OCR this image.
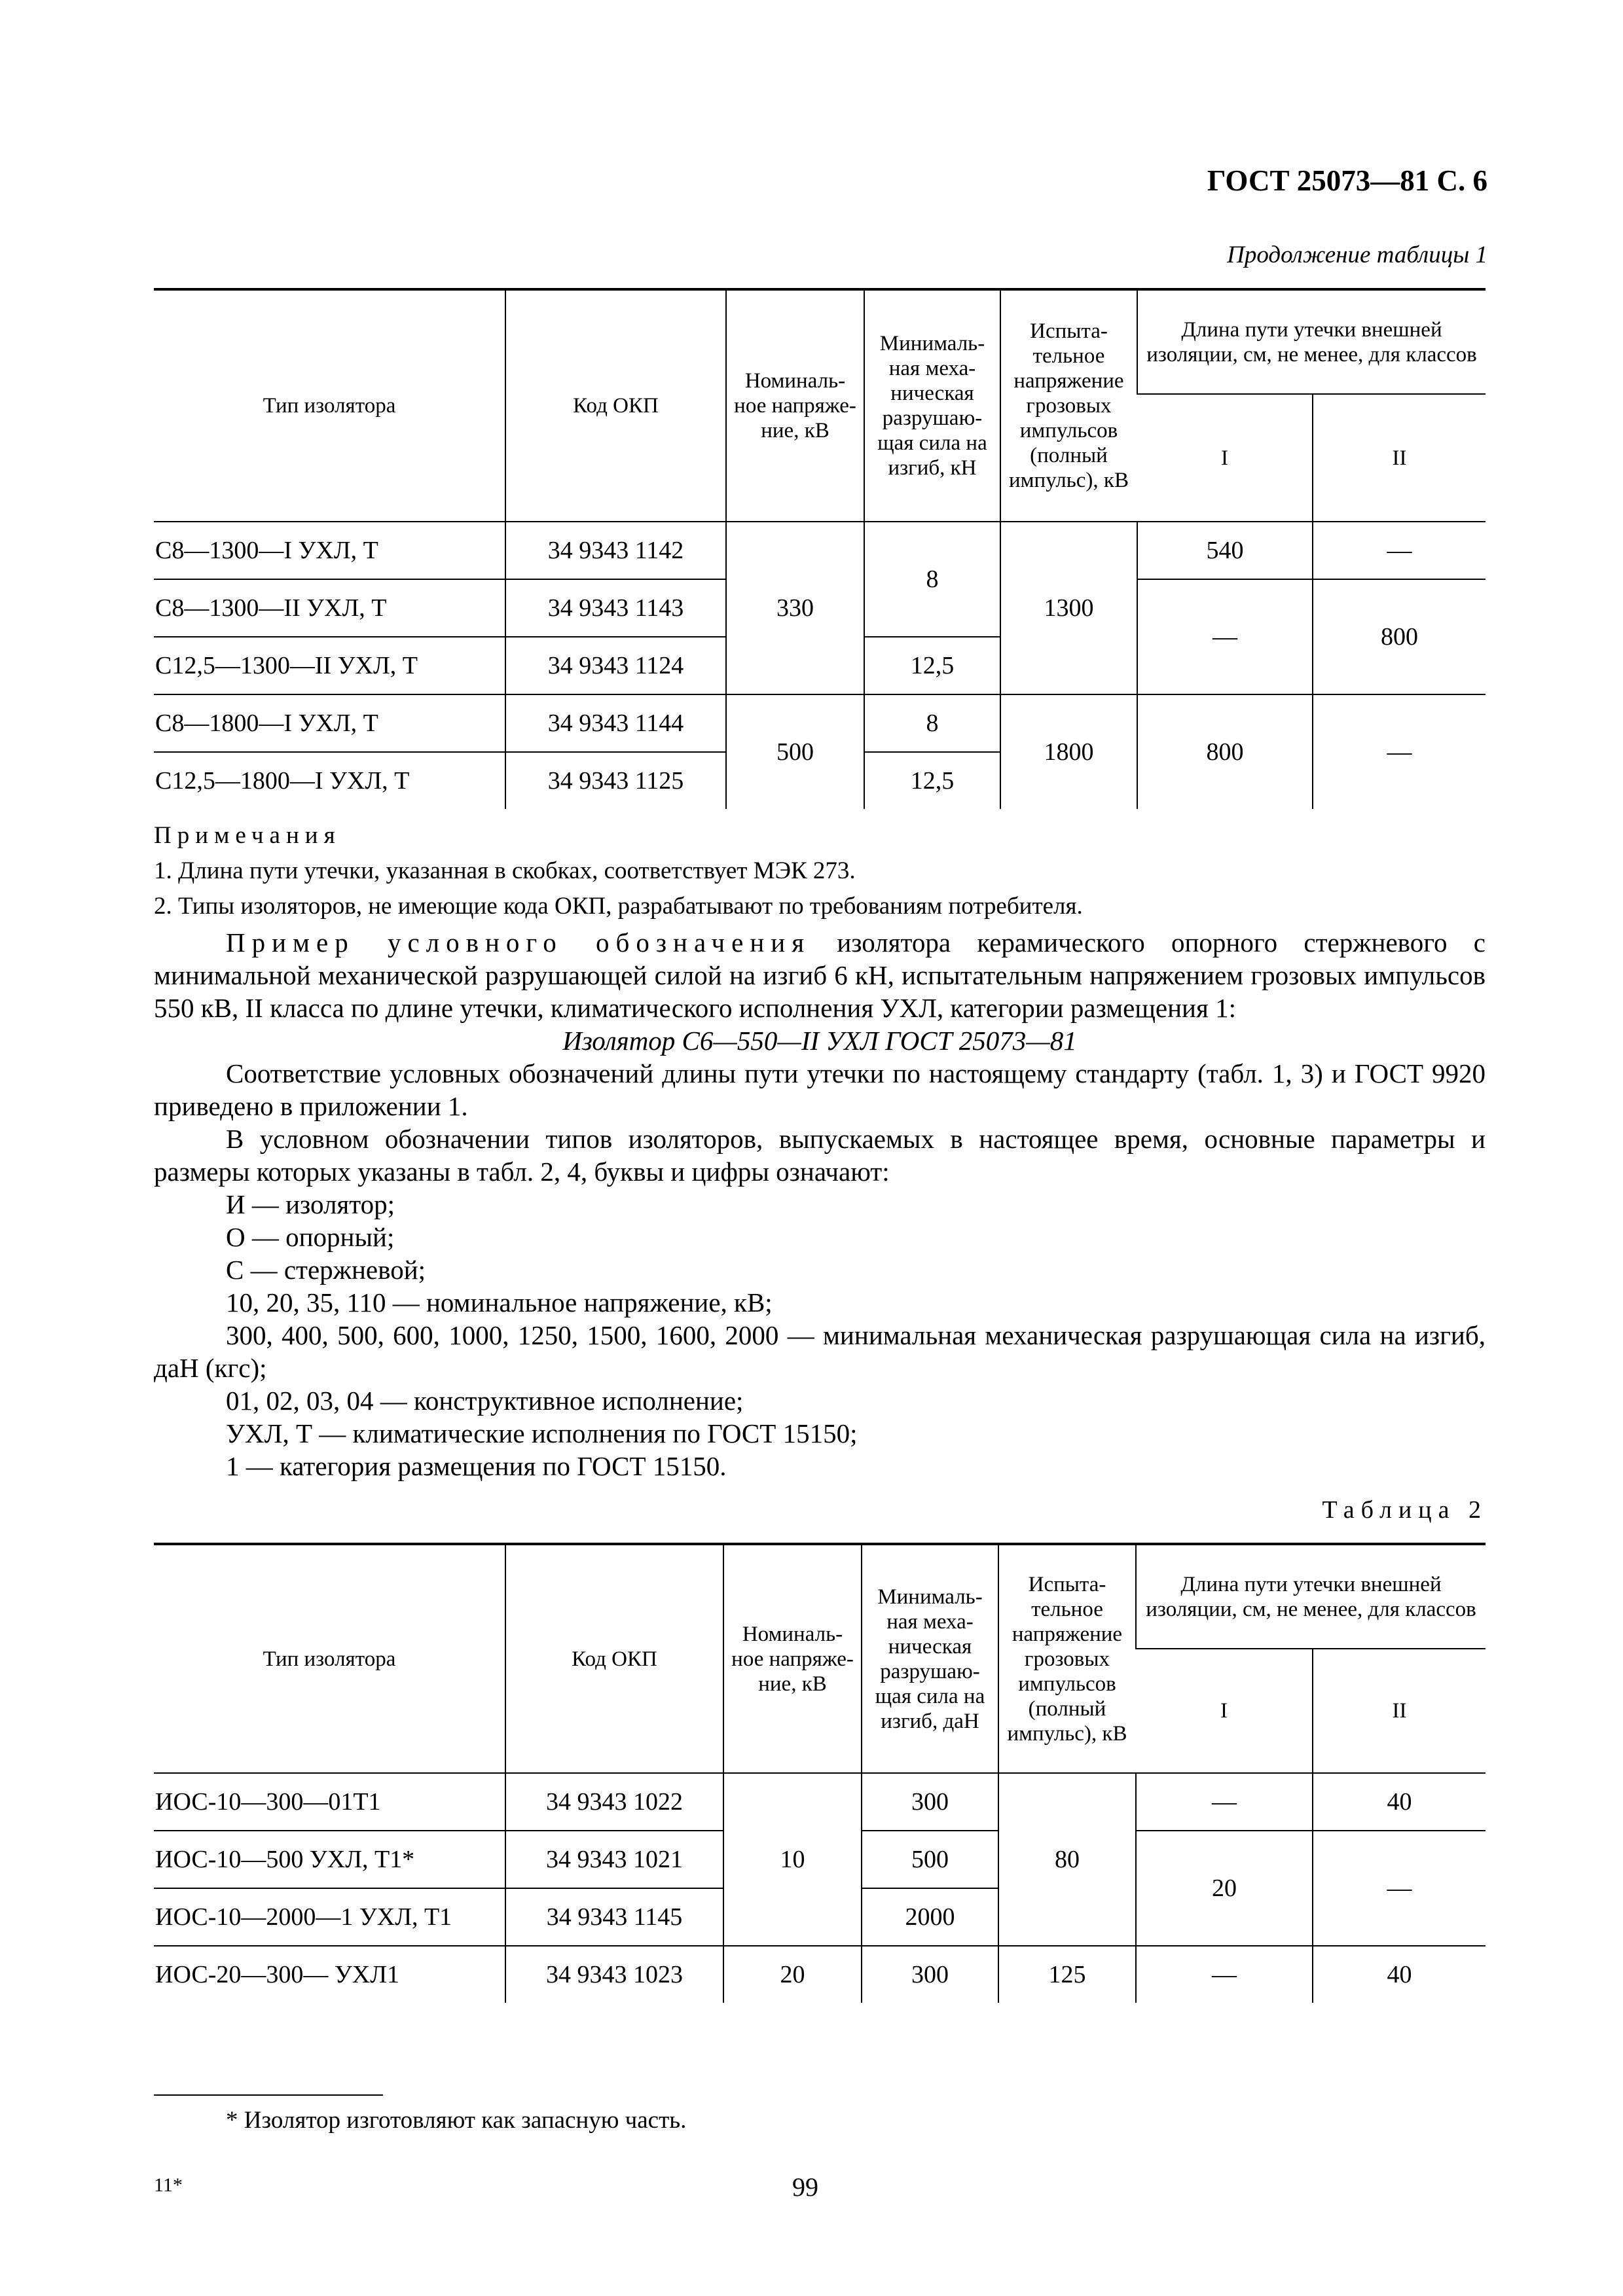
ГОСТ 25073—81 С. 6
Продолжение таблицы 1
Тип изолятора	Код ОКП	Номиналь-ное напряже-ние, кВ	Минималь-ная меха-ническая разрушаю-щая сила на изгиб, кН	Испыта-тельное напряжение грозовых импульсов (полный импульс), кВ	Длина пути утечки внешней изоляции, см, не менее, для классов	
					I	II
С8—1300—I УХЛ, Т	34 9343 1142	330	8	1300	540	—
С8—1300—II УХЛ, Т	34 9343 1143				—	800
С12,5—1300—II УХЛ, Т	34 9343 1124		12,5			
С8—1800—I УХЛ, Т	34 9343 1144	500	8	1800	800	—
С12,5—1800—I УХЛ, Т	34 9343 1125		12,5			
Примечания
1. Длина пути утечки, указанная в скобках, соответствует МЭК 273.
2. Типы изоляторов, не имеющие кода ОКП, разрабатывают по требованиям потребителя.

Пример условного обозначения изолятора керамического опорного стержневого с минимальной механической разрушающей силой на изгиб 6 кН, испытательным напряжением грозовых импульсов 550 кВ, II класса по длине утечки, климатического исполнения УХЛ, категории размещения 1:

Изолятор С6—550—II УХЛ ГОСТ 25073—81

Соответствие условных обозначений длины пути утечки по настоящему стандарту (табл. 1, 3) и ГОСТ 9920 приведено в приложении 1.

В условном обозначении типов изоляторов, выпускаемых в настоящее время, основные параметры и размеры которых указаны в табл. 2, 4, буквы и цифры означают:

И — изолятор;

О — опорный;

С — стержневой;

10, 20, 35, 110 — номинальное напряжение, кВ;

300, 400, 500, 600, 1000, 1250, 1500, 1600, 2000 — минимальная механическая разрушающая сила на изгиб, даН (кгс);

01, 02, 03, 04 — конструктивное исполнение;

УХЛ, Т — климатические исполнения по ГОСТ 15150;

1 — категория размещения по ГОСТ 15150.

Таблица 2
Тип изолятора	Код ОКП	Номиналь-ное напряже-ние, кВ	Минималь-ная меха-ническая разрушаю-щая сила на изгиб, даН	Испыта-тельное напряжение грозовых импульсов (полный импульс), кВ	Длина пути утечки внешней изоляции, см, не менее, для классов	
					I	II
ИОС-10—300—01Т1	34 9343 1022	10	300	80	—	40
ИОС-10—500 УХЛ, Т1*	34 9343 1021		500		20	—
ИОС-10—2000—1 УХЛ, Т1	34 9343 1145		2000			
ИОС-20—300— УХЛ1	34 9343 1023	20	300	125	—	40
* Изолятор изготовляют как запасную часть.
11*	99
